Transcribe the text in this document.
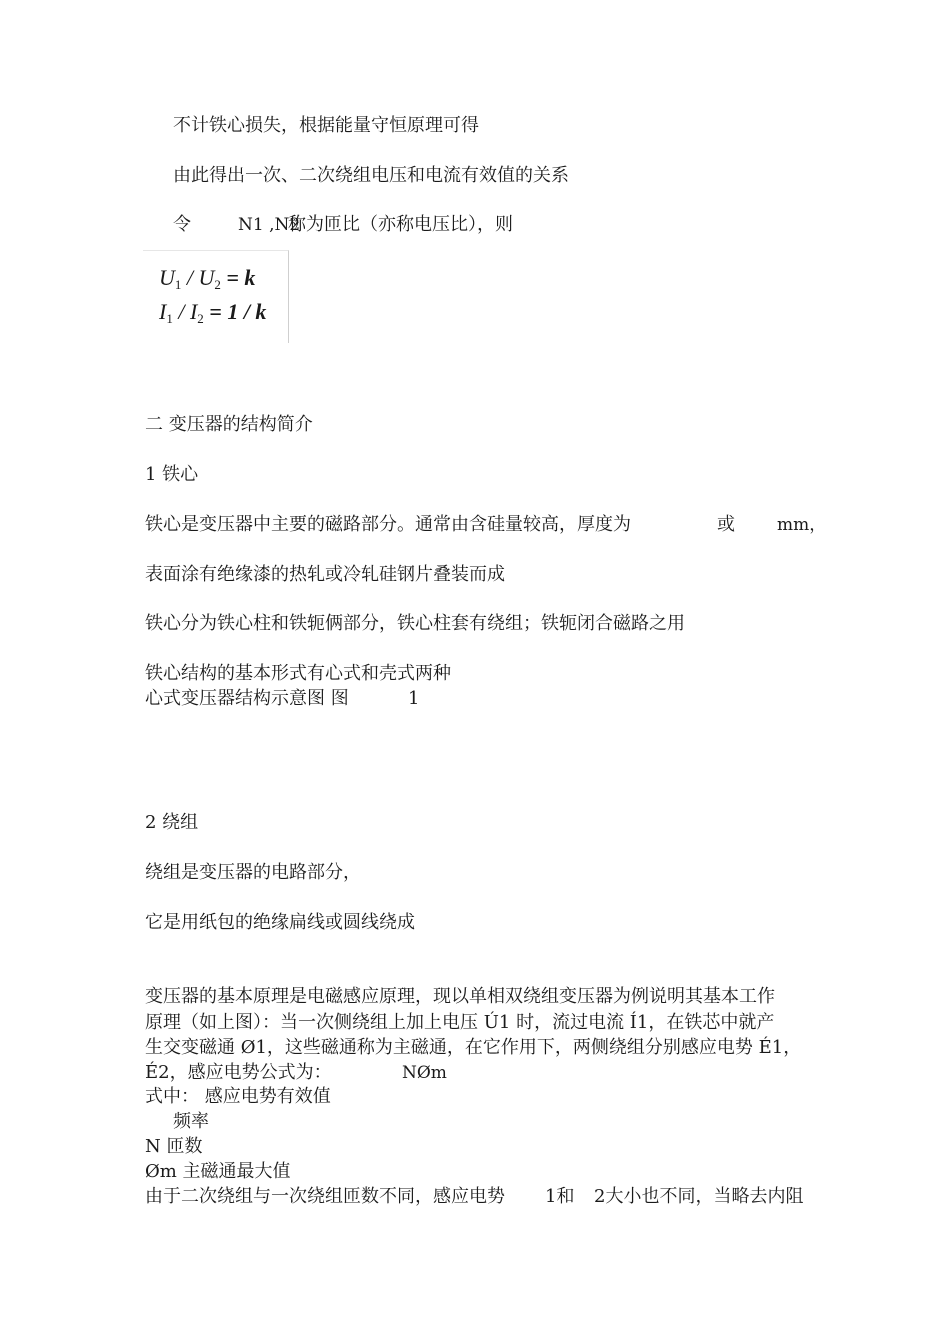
不计铁心损失，根据能量守恒原理可得
由此得出一次、二次绕组电压和电流有效值的关系
令	N1 ,N2
称为匝比（亦称电压比），则
$U_1 / U_2 = k$
$I_1 / I_2 = 1 / k$
二 变压器的结构简介
1 铁心
铁心是变压器中主要的磁路部分。通常由含硅量较高，厚度为	或 mm，
表面涂有绝缘漆的热轧或冷轧硅钢片叠装而成
铁心分为铁心柱和铁轭俩部分，铁心柱套有绕组；铁轭闭合磁路之用
铁心结构的基本形式有心式和壳式两种
心式变压器结构示意图 图	1
2 绕组
绕组是变压器的电路部分，
它是用纸包的绝缘扁线或圆线绕成
变压器的基本原理是电磁感应原理，现以单相双绕组变压器为例说明其基本工作
原理（如上图）：当一次侧绕组上加上电压 Ú1 时，流过电流 Í1，在铁芯中就产
生交变磁通 Ø1，这些磁通称为主磁通，在它作用下，两侧绕组分别感应电势 É1，
É2，感应电势公式为：	NØm
式中： 感应电势有效值
频率
N 匝数
Øm 主磁通最大值
由于二次绕组与一次绕组匝数不同，感应电势 1和 2大小也不同，当略去内阻
